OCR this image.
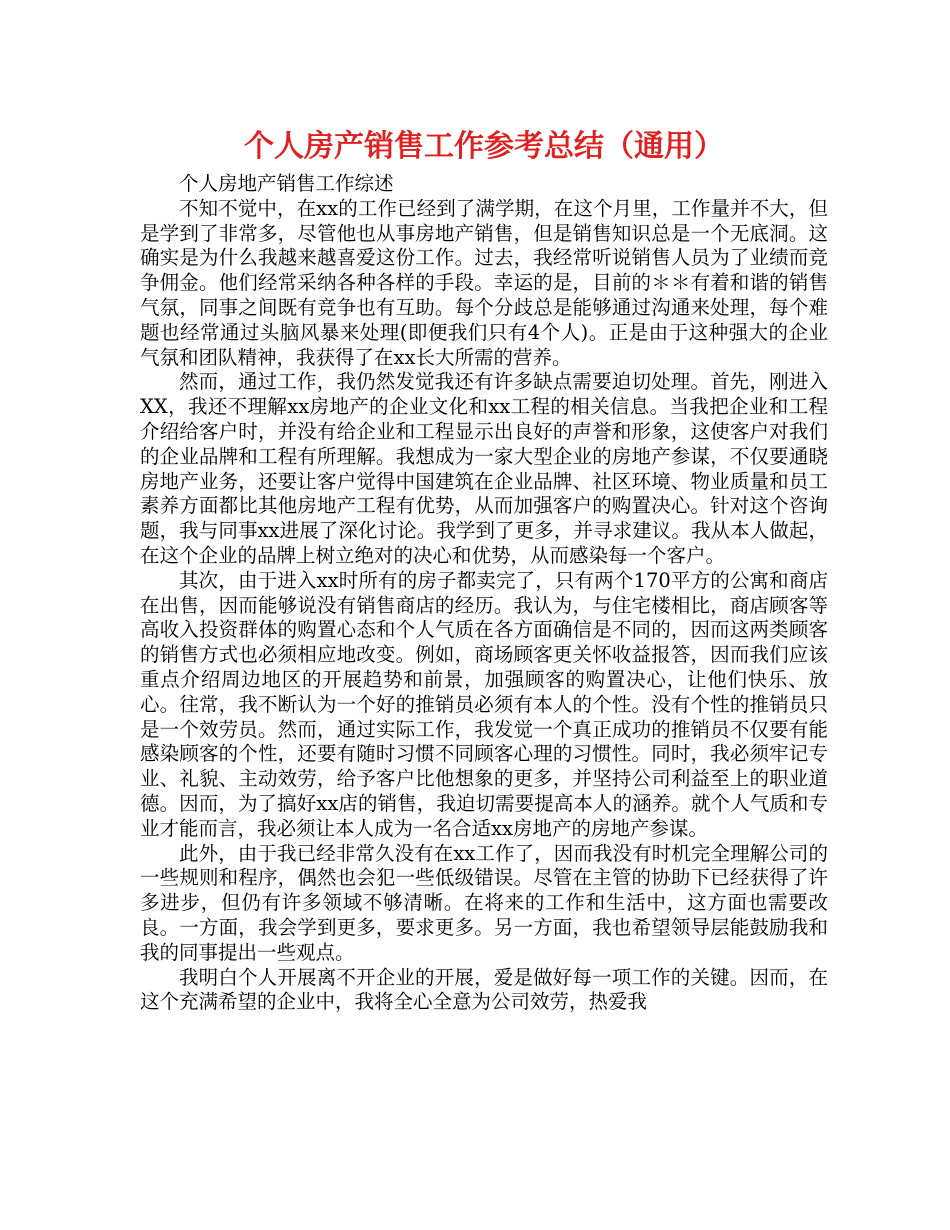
个人房产销售工作参考总结（通用）

个人房地产销售工作综述

不知不觉中，在xx的工作已经到了满学期，在这个月里，工作量并不大，但是学到了非常多，尽管他也从事房地产销售，但是销售知识总是一个无底洞。这确实是为什么我越来越喜爱这份工作。过去，我经常听说销售人员为了业绩而竞争佣金。他们经常采纳各种各样的手段。幸运的是，目前的＊＊有着和谐的销售气氛，同事之间既有竞争也有互助。每个分歧总是能够通过沟通来处理，每个难题也经常通过头脑风暴来处理(即便我们只有4个人)。正是由于这种强大的企业气氛和团队精神，我获得了在xx长大所需的营养。

然而，通过工作，我仍然发觉我还有许多缺点需要迫切处理。首先，刚进入XX，我还不理解xx房地产的企业文化和xx工程的相关信息。当我把企业和工程介绍给客户时，并没有给企业和工程显示出良好的声誉和形象，这使客户对我们的企业品牌和工程有所理解。我想成为一家大型企业的房地产参谋，不仅要通晓房地产业务，还要让客户觉得中国建筑在企业品牌、社区环境、物业质量和员工素养方面都比其他房地产工程有优势，从而加强客户的购置决心。针对这个咨询题，我与同事xx进展了深化讨论。我学到了更多，并寻求建议。我从本人做起，在这个企业的品牌上树立绝对的决心和优势，从而感染每一个客户。

其次，由于进入xx时所有的房子都卖完了，只有两个170平方的公寓和商店在出售，因而能够说没有销售商店的经历。我认为，与住宅楼相比，商店顾客等高收入投资群体的购置心态和个人气质在各方面确信是不同的，因而这两类顾客的销售方式也必须相应地改变。例如，商场顾客更关怀收益报答，因而我们应该重点介绍周边地区的开展趋势和前景，加强顾客的购置决心，让他们快乐、放心。往常，我不断认为一个好的推销员必须有本人的个性。没有个性的推销员只是一个效劳员。然而，通过实际工作，我发觉一个真正成功的推销员不仅要有能感染顾客的个性，还要有随时习惯不同顾客心理的习惯性。同时，我必须牢记专业、礼貌、主动效劳，给予客户比他想象的更多，并坚持公司利益至上的职业道德。因而，为了搞好xx店的销售，我迫切需要提高本人的涵养。就个人气质和专业才能而言，我必须让本人成为一名合适xx房地产的房地产参谋。

此外，由于我已经非常久没有在xx工作了，因而我没有时机完全理解公司的一些规则和程序，偶然也会犯一些低级错误。尽管在主管的协助下已经获得了许多进步，但仍有许多领域不够清晰。在将来的工作和生活中，这方面也需要改良。一方面，我会学到更多，要求更多。另一方面，我也希望领导层能鼓励我和我的同事提出一些观点。

我明白个人开展离不开企业的开展，爱是做好每一项工作的关键。因而，在这个充满希望的企业中，我将全心全意为公司效劳，热爱我
